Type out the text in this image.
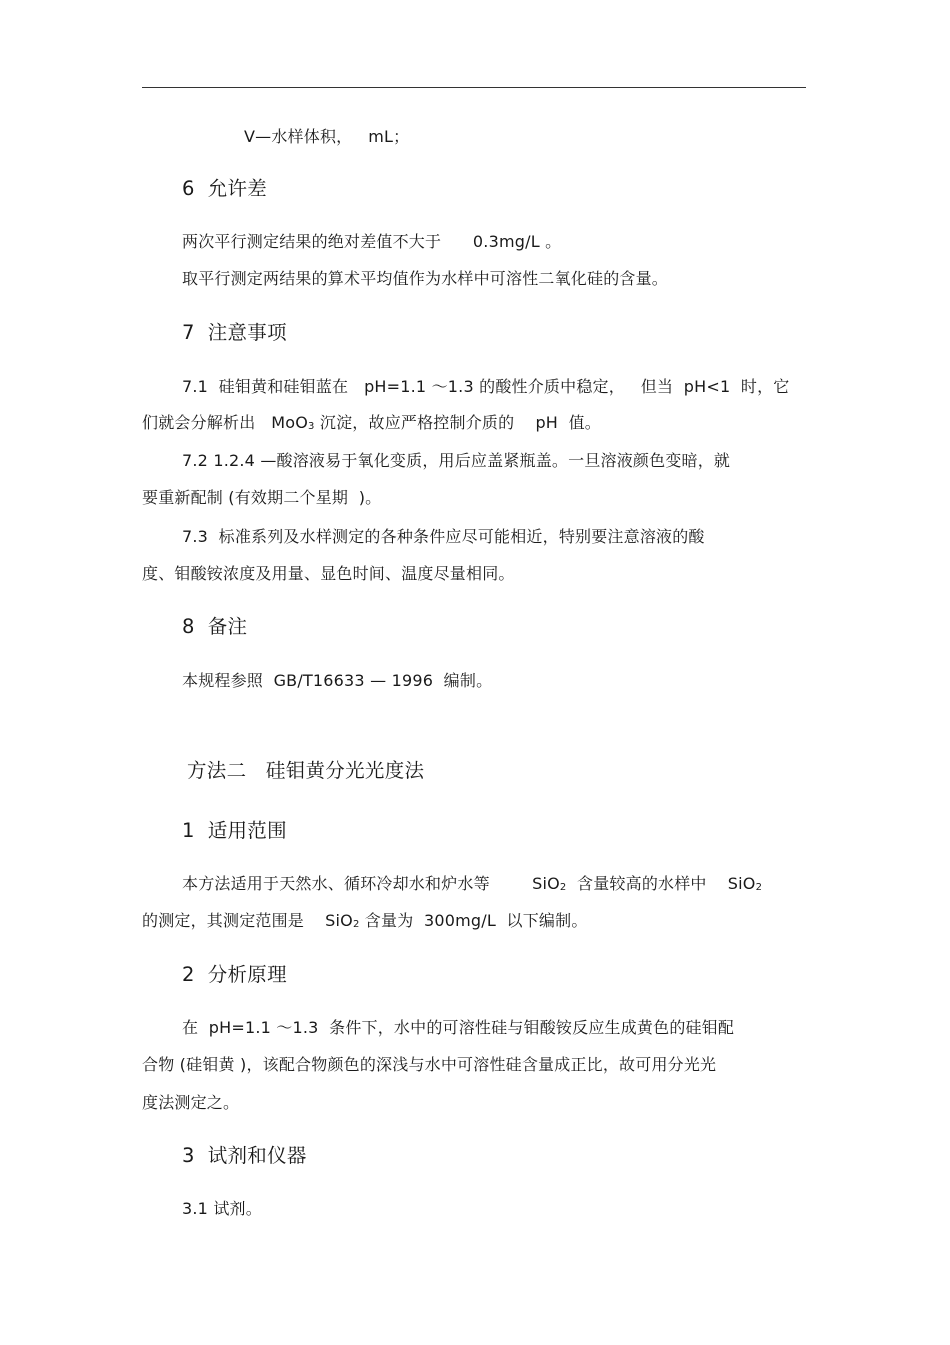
V—水样体积，   mL；
6  允许差
两次平行测定结果的绝对差值不大于      0.3mg/L 。
取平行测定两结果的算术平均值作为水样中可溶性二氧化硅的含量。
7  注意事项
7.1  硅钼黄和硅钼蓝在   pH=1.1 ～1.3 的酸性介质中稳定，   但当  pH<1  时，它
们就会分解析出   MoO$_3$ 沉淀，故应严格控制介质的    pH  值。
7.2 1.2.4 —酸溶液易于氧化变质，用后应盖紧瓶盖。一旦溶液颜色变暗，就
要重新配制 (有效期二个星期  )。
7.3  标准系列及水样测定的各种条件应尽可能相近，特别要注意溶液的酸
度、钼酸铵浓度及用量、显色时间、温度尽量相同。
8  备注
本规程参照  GB/T16633 — 1996  编制。
方法二   硅钼黄分光光度法
1  适用范围
本方法适用于天然水、循环冷却水和炉水等        SiO$_2$  含量较高的水样中    SiO$_2$
的测定，其测定范围是    SiO$_2$ 含量为  300mg/L  以下编制。
2  分析原理
在  pH=1.1 ～1.3  条件下，水中的可溶性硅与钼酸铵反应生成黄色的硅钼配
合物 (硅钼黄 )，该配合物颜色的深浅与水中可溶性硅含量成正比，故可用分光光
度法测定之。
3  试剂和仪器
3.1 试剂。
